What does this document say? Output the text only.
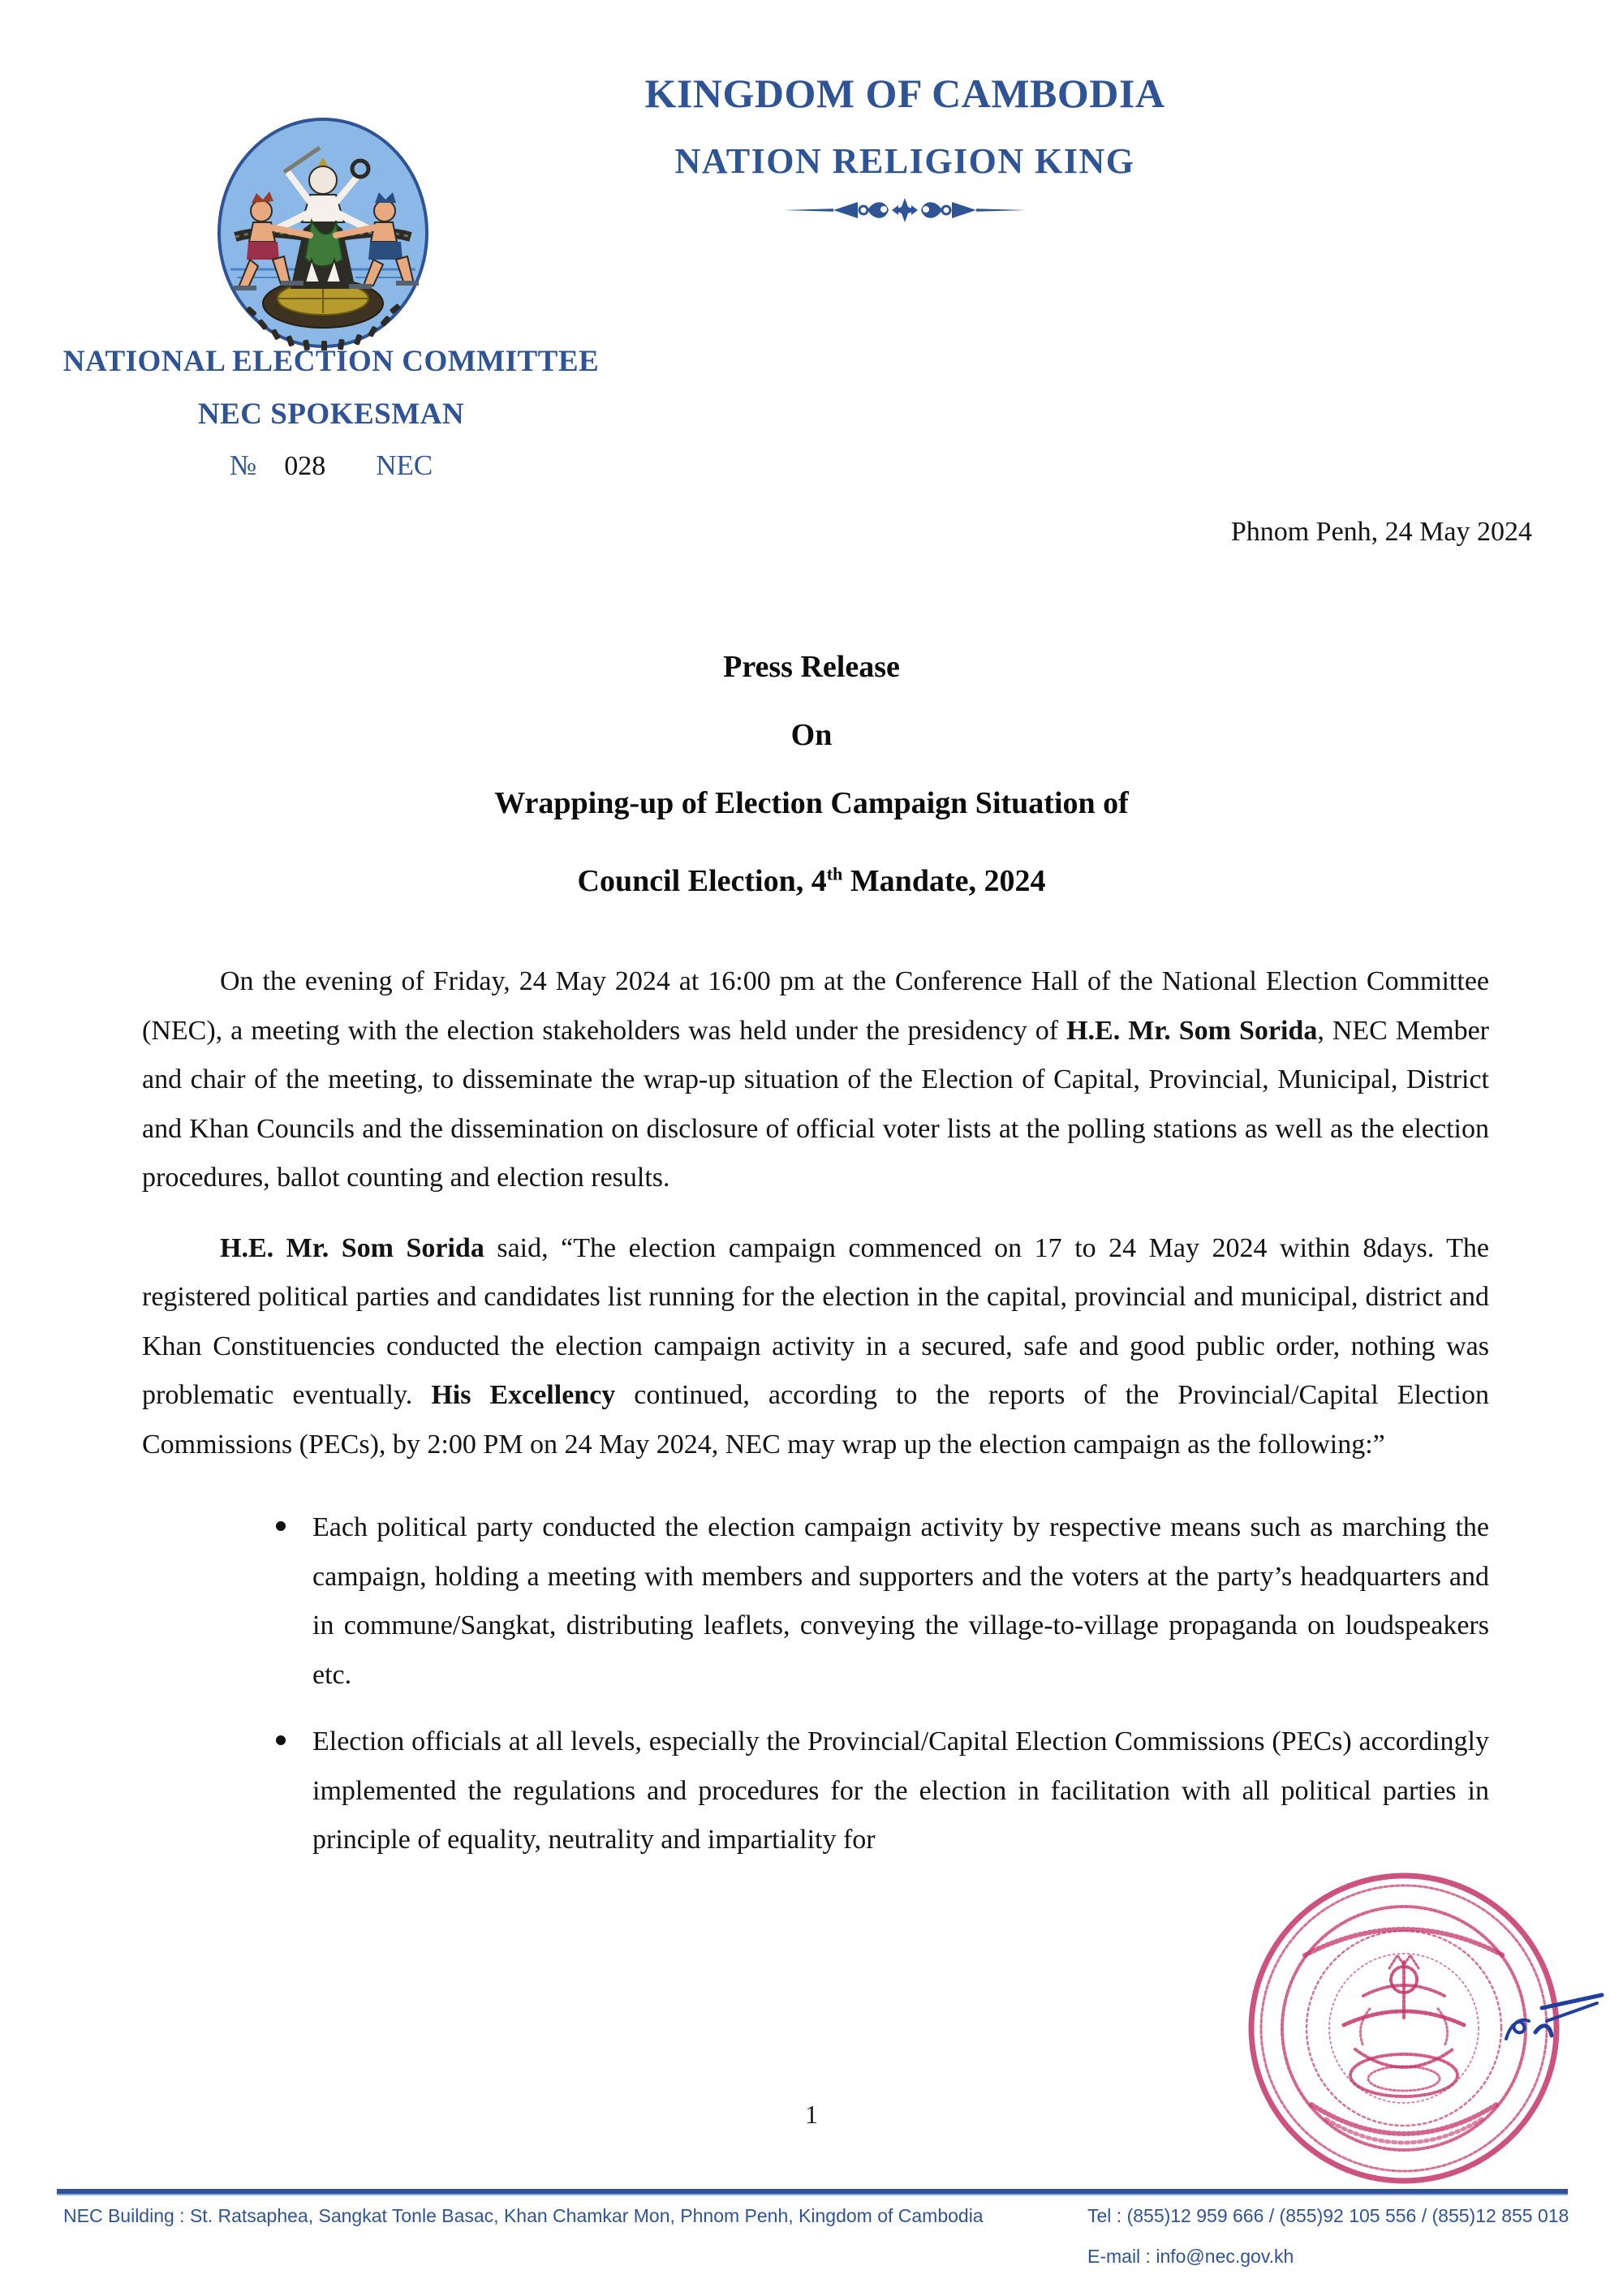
KINGDOM OF CAMBODIA
NATION RELIGION KING
NATIONAL ELECTION COMMITTEE
NEC SPOKESMAN
№ 028 NEC
Phnom Penh, 24 May 2024
Press Release
On
Wrapping-up of Election Campaign Situation of
Council Election, 4th Mandate, 2024

On the evening of Friday, 24 May 2024 at 16:00 pm at the Conference Hall of the National Election Committee (NEC), a meeting with the election stakeholders was held under the presidency of H.E. Mr. Som Sorida, NEC Member and chair of the meeting, to disseminate the wrap-up situation of the Election of Capital, Provincial, Municipal, District and Khan Councils and the dissemination on disclosure of official voter lists at the polling stations as well as the election procedures, ballot counting and election results.

H.E. Mr. Som Sorida said, “The election campaign commenced on 17 to 24 May 2024 within 8days. The registered political parties and candidates list running for the election in the capital, provincial and municipal, district and Khan Constituencies conducted the election campaign activity in a secured, safe and good public order, nothing was problematic eventually. His Excellency continued, according to the reports of the Provincial/Capital Election Commissions (PECs), by 2:00 PM on 24 May 2024, NEC may wrap up the election campaign as the following:”

Each political party conducted the election campaign activity by respective means such as marching the campaign, holding a meeting with members and supporters and the voters at the party’s headquarters and in commune/Sangkat, distributing leaflets, conveying the village-to-village propaganda on loudspeakers etc.
Election officials at all levels, especially the Provincial/Capital Election Commissions (PECs) accordingly implemented the regulations and procedures for the election in facilitation with all political parties in principle of equality, neutrality and impartiality for
1
NEC Building : St. Ratsaphea, Sangkat Tonle Basac, Khan Chamkar Mon, Phnom Penh, Kingdom of Cambodia	Tel : (855)12 959 666 / (855)92 105 556 / (855)12 855 018
E-mail : info@nec.gov.kh
